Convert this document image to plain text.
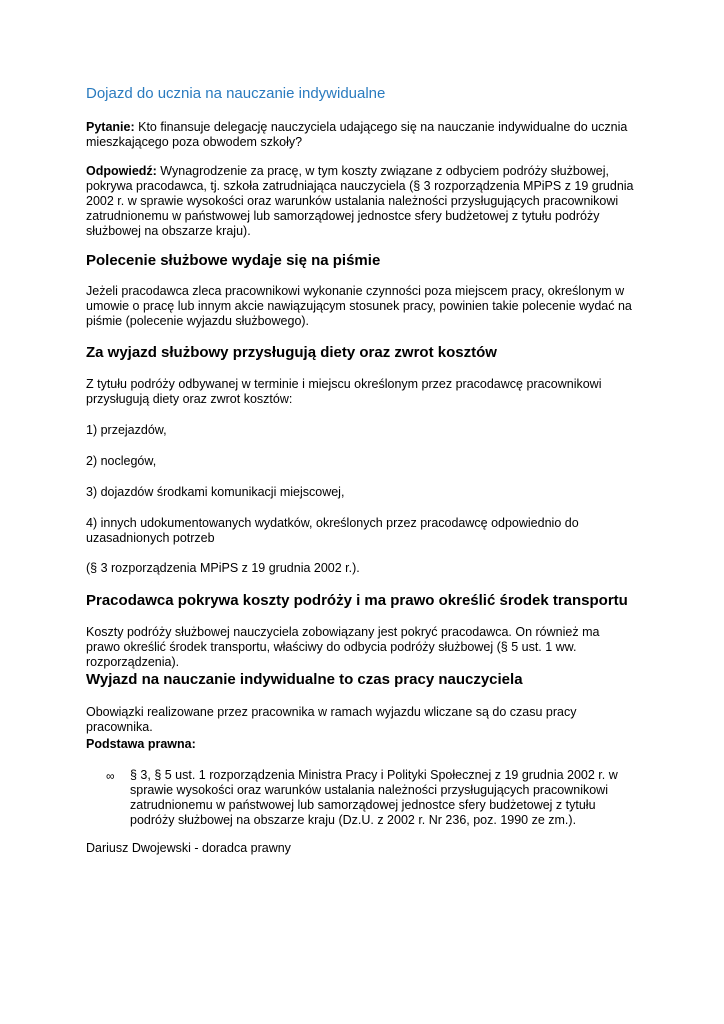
Dojazd do ucznia na nauczanie indywidualne

Pytanie: Kto finansuje delegację nauczyciela udającego się na nauczanie indywidualne do ucznia mieszkającego poza obwodem szkoły?

Odpowiedź: Wynagrodzenie za pracę, w tym koszty związane z odbyciem podróży służbowej, pokrywa pracodawca, tj. szkoła zatrudniająca nauczyciela (§ 3 rozporządzenia MPiPS z 19 grudnia 2002 r. w sprawie wysokości oraz warunków ustalania należności przysługujących pracownikowi zatrudnionemu w państwowej lub samorządowej jednostce sfery budżetowej z tytułu podróży służbowej na obszarze kraju).

Polecenie służbowe wydaje się na piśmie

Jeżeli pracodawca zleca pracownikowi wykonanie czynności poza miejscem pracy, określonym w umowie o pracę lub innym akcie nawiązującym stosunek pracy, powinien takie polecenie wydać na piśmie (polecenie wyjazdu służbowego).

Za wyjazd służbowy przysługują diety oraz zwrot kosztów

Z tytułu podróży odbywanej w terminie i miejscu określonym przez pracodawcę pracownikowi przysługują diety oraz zwrot kosztów:

1) przejazdów,

2) noclegów,

3) dojazdów środkami komunikacji miejscowej,

4) innych udokumentowanych wydatków, określonych przez pracodawcę odpowiednio do uzasadnionych potrzeb

(§ 3 rozporządzenia MPiPS z 19 grudnia 2002 r.).

Pracodawca pokrywa koszty podróży i ma prawo określić środek transportu

Koszty podróży służbowej nauczyciela zobowiązany jest pokryć pracodawca. On również ma prawo określić środek transportu, właściwy do odbycia podróży służbowej (§ 5 ust. 1 ww. rozporządzenia).

Wyjazd na nauczanie indywidualne to czas pracy nauczyciela

Obowiązki realizowane przez pracownika w ramach wyjazdu wliczane są do czasu pracy pracownika.

Podstawa prawna:

∞ § 3, § 5 ust. 1 rozporządzenia Ministra Pracy i Polityki Społecznej z 19 grudnia 2002 r. w sprawie wysokości oraz warunków ustalania należności przysługujących pracownikowi zatrudnionemu w państwowej lub samorządowej jednostce sfery budżetowej z tytułu podróży służbowej na obszarze kraju (Dz.U. z 2002 r. Nr 236, poz. 1990 ze zm.).

Dariusz Dwojewski - doradca prawny
